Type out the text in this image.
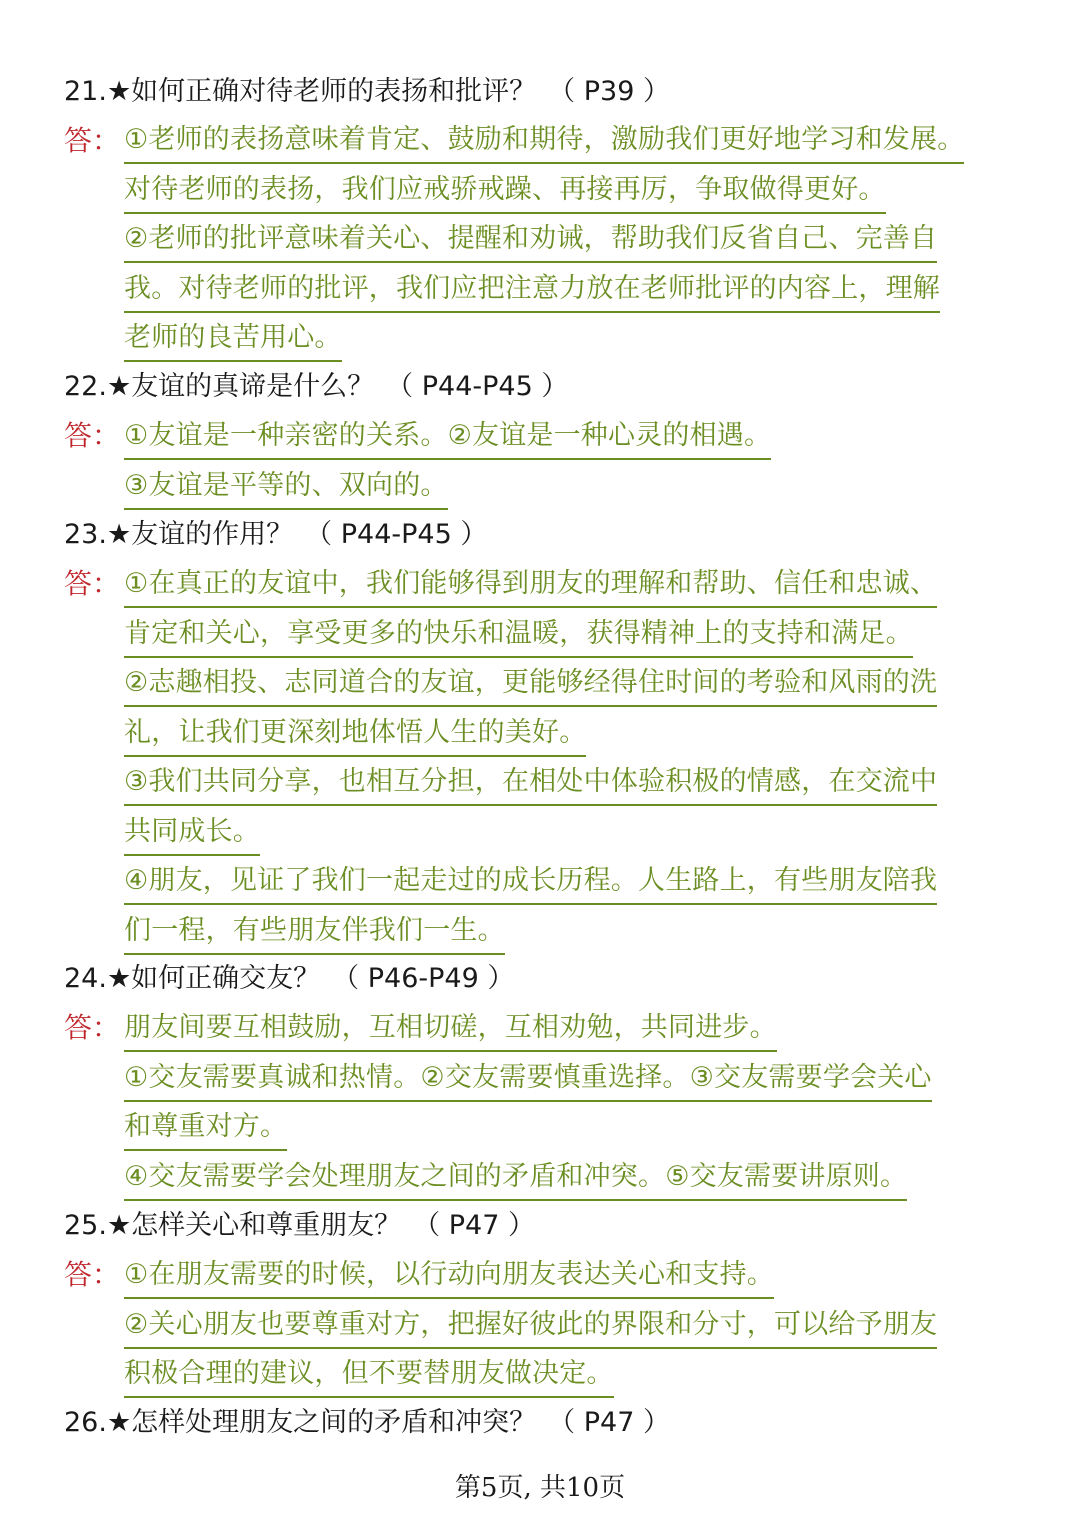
21.★如何正确对待老师的表扬和批评？ （ P39 ）
答： ①老师的表扬意味着肯定、鼓励和期待，激励我们更好地学习和发展。
对待老师的表扬，我们应戒骄戒躁、再接再厉，争取做得更好。
②老师的批评意味着关心、提醒和劝诫，帮助我们反省自己、完善自
我。对待老师的批评，我们应把注意力放在老师批评的内容上，理解
老师的良苦用心。
22.★友谊的真谛是什么？ （ P44-P45 ）
答： ①友谊是一种亲密的关系。②友谊是一种心灵的相遇。
③友谊是平等的、双向的。
23.★友谊的作用？ （ P44-P45 ）
答： ①在真正的友谊中，我们能够得到朋友的理解和帮助、信任和忠诚、
肯定和关心，享受更多的快乐和温暖，获得精神上的支持和满足。
②志趣相投、志同道合的友谊，更能够经得住时间的考验和风雨的洗
礼，让我们更深刻地体悟人生的美好。
③我们共同分享，也相互分担，在相处中体验积极的情感，在交流中
共同成长。
④朋友，见证了我们一起走过的成长历程。人生路上，有些朋友陪我
们一程，有些朋友伴我们一生。
24.★如何正确交友？ （ P46-P49 ）
答： 朋友间要互相鼓励，互相切磋，互相劝勉，共同进步。
①交友需要真诚和热情。②交友需要慎重选择。③交友需要学会关心
和尊重对方。
④交友需要学会处理朋友之间的矛盾和冲突。⑤交友需要讲原则。
25.★怎样关心和尊重朋友？ （ P47 ）
答： ①在朋友需要的时候，以行动向朋友表达关心和支持。
②关心朋友也要尊重对方，把握好彼此的界限和分寸，可以给予朋友
积极合理的建议，但不要替朋友做决定。
26.★怎样处理朋友之间的矛盾和冲突？ （ P47 ）
第5页, 共10页
